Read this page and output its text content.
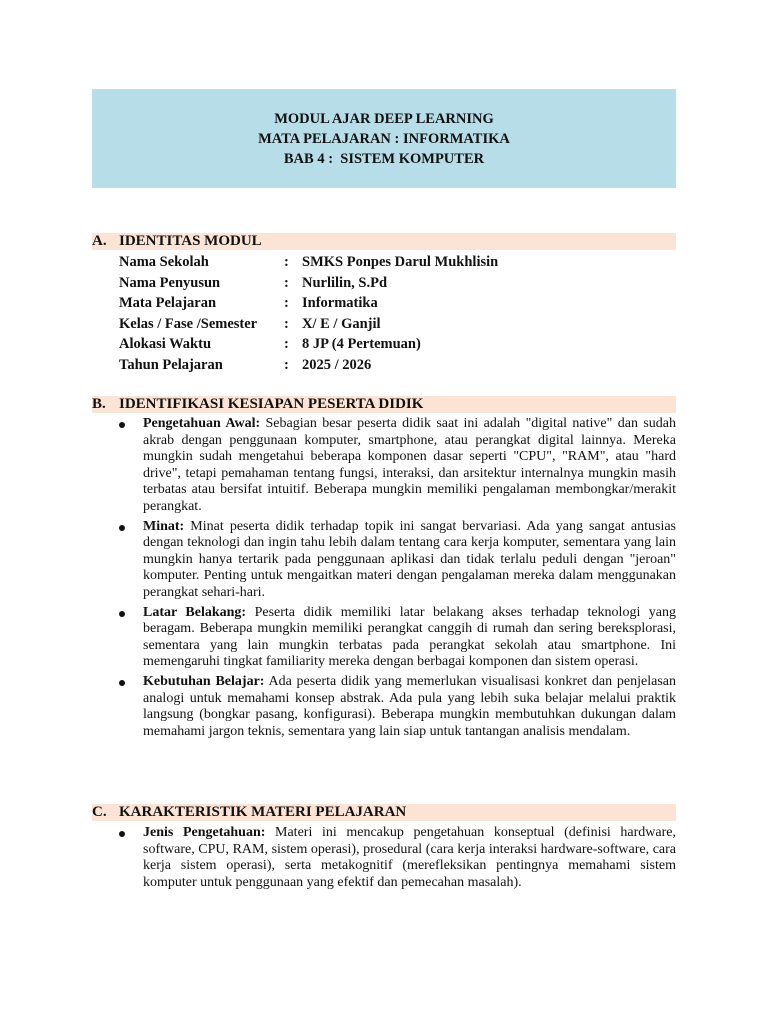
MODUL AJAR DEEP LEARNING
MATA PELAJARAN : INFORMATIKA
BAB 4 :  SISTEM KOMPUTER
A. IDENTITAS MODUL
Nama Sekolah	: SMKS Ponpes Darul Mukhlisin
Nama Penyusun	: Nurlilin, S.Pd
Mata Pelajaran	: Informatika
Kelas / Fase /Semester : X/ E / Ganjil
Alokasi Waktu	: 8 JP (4 Pertemuan)
Tahun Pelajaran	: 2025 / 2026
B. IDENTIFIKASI KESIAPAN PESERTA DIDIK
Pengetahuan Awal: Sebagian besar peserta didik saat ini adalah "digital native" dan sudah akrab dengan penggunaan komputer, smartphone, atau perangkat digital lainnya. Mereka mungkin sudah mengetahui beberapa komponen dasar seperti "CPU", "RAM", atau "hard drive", tetapi pemahaman tentang fungsi, interaksi, dan arsitektur internalnya mungkin masih terbatas atau bersifat intuitif. Beberapa mungkin memiliki pengalaman membongkar/merakit perangkat.
Minat: Minat peserta didik terhadap topik ini sangat bervariasi. Ada yang sangat antusias dengan teknologi dan ingin tahu lebih dalam tentang cara kerja komputer, sementara yang lain mungkin hanya tertarik pada penggunaan aplikasi dan tidak terlalu peduli dengan "jeroan" komputer. Penting untuk mengaitkan materi dengan pengalaman mereka dalam menggunakan perangkat sehari-hari.
Latar Belakang: Peserta didik memiliki latar belakang akses terhadap teknologi yang beragam. Beberapa mungkin memiliki perangkat canggih di rumah dan sering bereksplorasi, sementara yang lain mungkin terbatas pada perangkat sekolah atau smartphone. Ini memengaruhi tingkat familiarity mereka dengan berbagai komponen dan sistem operasi.
Kebutuhan Belajar: Ada peserta didik yang memerlukan visualisasi konkret dan penjelasan analogi untuk memahami konsep abstrak. Ada pula yang lebih suka belajar melalui praktik langsung (bongkar pasang, konfigurasi). Beberapa mungkin membutuhkan dukungan dalam memahami jargon teknis, sementara yang lain siap untuk tantangan analisis mendalam.
C. KARAKTERISTIK MATERI PELAJARAN
Jenis Pengetahuan: Materi ini mencakup pengetahuan konseptual (definisi hardware, software, CPU, RAM, sistem operasi), prosedural (cara kerja interaksi hardware-software, cara kerja sistem operasi), serta metakognitif (merefleksikan pentingnya memahami sistem komputer untuk penggunaan yang efektif dan pemecahan masalah).
